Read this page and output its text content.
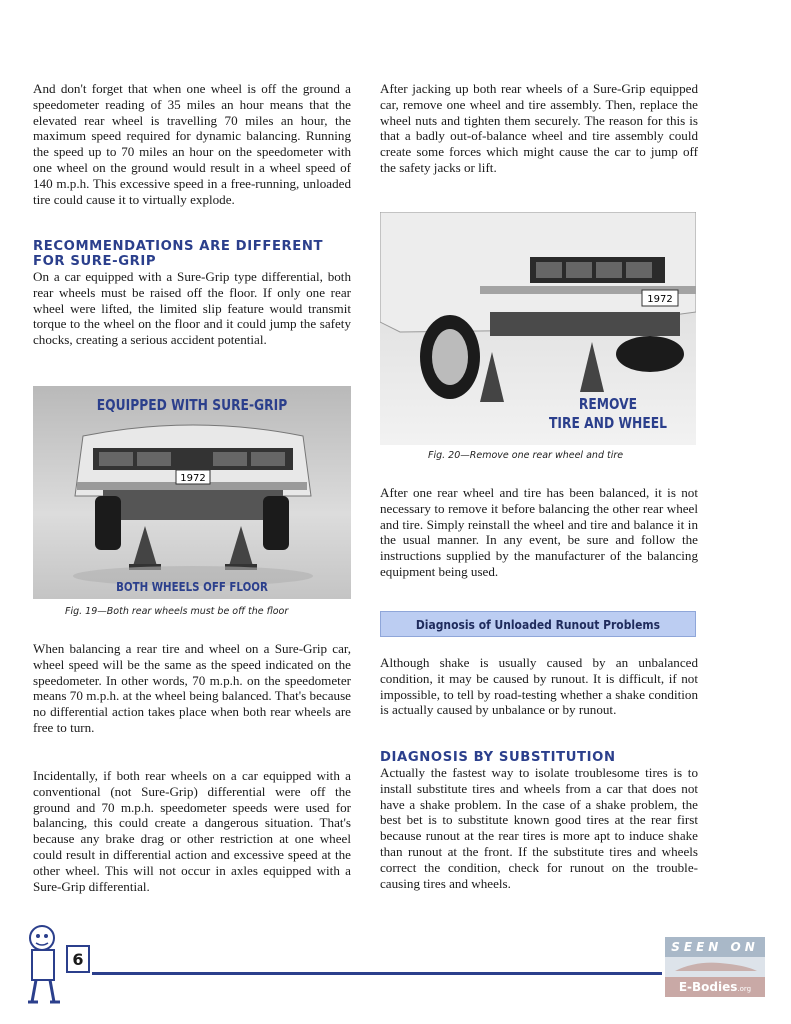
And don't forget that when one wheel is off the ground a speedometer reading of 35 miles an hour means that the elevated rear wheel is travelling 70 miles an hour, the maximum speed required for dynamic balancing. Running the speed up to 70 miles an hour on the speedometer with one wheel on the ground would result in a wheel speed of 140 m.p.h. This excessive speed in a free-running, unloaded tire could cause it to virtually explode.

RECOMMENDATIONS ARE DIFFERENT FOR SURE-GRIP

On a car equipped with a Sure-Grip type differential, both rear wheels must be raised off the floor. If only one rear wheel were lifted, the limited slip feature would transmit torque to the wheel on the floor and it could jump the safety chocks, creating a serious accident potential.

1972
EQUIPPED WITH SURE-GRIP
BOTH WHEELS OFF FLOOR
Fig. 19—Both rear wheels must be off the floor

When balancing a rear tire and wheel on a Sure-Grip car, wheel speed will be the same as the speed indicated on the speedometer. In other words, 70 m.p.h. on the speedometer means 70 m.p.h. at the wheel being balanced. That's because no differential action takes place when both rear wheels are free to turn.

Incidentally, if both rear wheels on a car equipped with a conventional (not Sure-Grip) differential were off the ground and 70 m.p.h. speedometer speeds were used for balancing, this could create a dangerous situation. That's because any brake drag or other restriction at one wheel could result in differential action and excessive speed at the other wheel. This will not occur in axles equipped with a Sure-Grip differential.

After jacking up both rear wheels of a Sure-Grip equipped car, remove one wheel and tire assembly. Then, replace the wheel nuts and tighten them securely. The reason for this is that a badly out-of-balance wheel and tire assembly could create some forces which might cause the car to jump off the safety jacks or lift.

1972
REMOVE
TIRE AND WHEEL
Fig. 20—Remove one rear wheel and tire

After one rear wheel and tire has been balanced, it is not necessary to remove it before balancing the other rear wheel and tire. Simply reinstall the wheel and tire and balance it in the usual manner. In any event, be sure and follow the instructions supplied by the manufacturer of the balancing equipment being used.

Diagnosis of Unloaded Runout Problems

Although shake is usually caused by an unbalanced condition, it may be caused by runout. It is difficult, if not impossible, to tell by road-testing whether a shake condition is actually caused by unbalance or by runout.

DIAGNOSIS BY SUBSTITUTION

Actually the fastest way to isolate troublesome tires is to install substitute tires and wheels from a car that does not have a shake problem. In the case of a shake problem, the best bet is to substitute known good tires at the rear first because runout at the rear tires is more apt to induce shake than runout at the front. If the substitute tires and wheels correct the condition, check for runout on the trouble-causing tires and wheels.

6
SEEN ON
E-Bodies.org
